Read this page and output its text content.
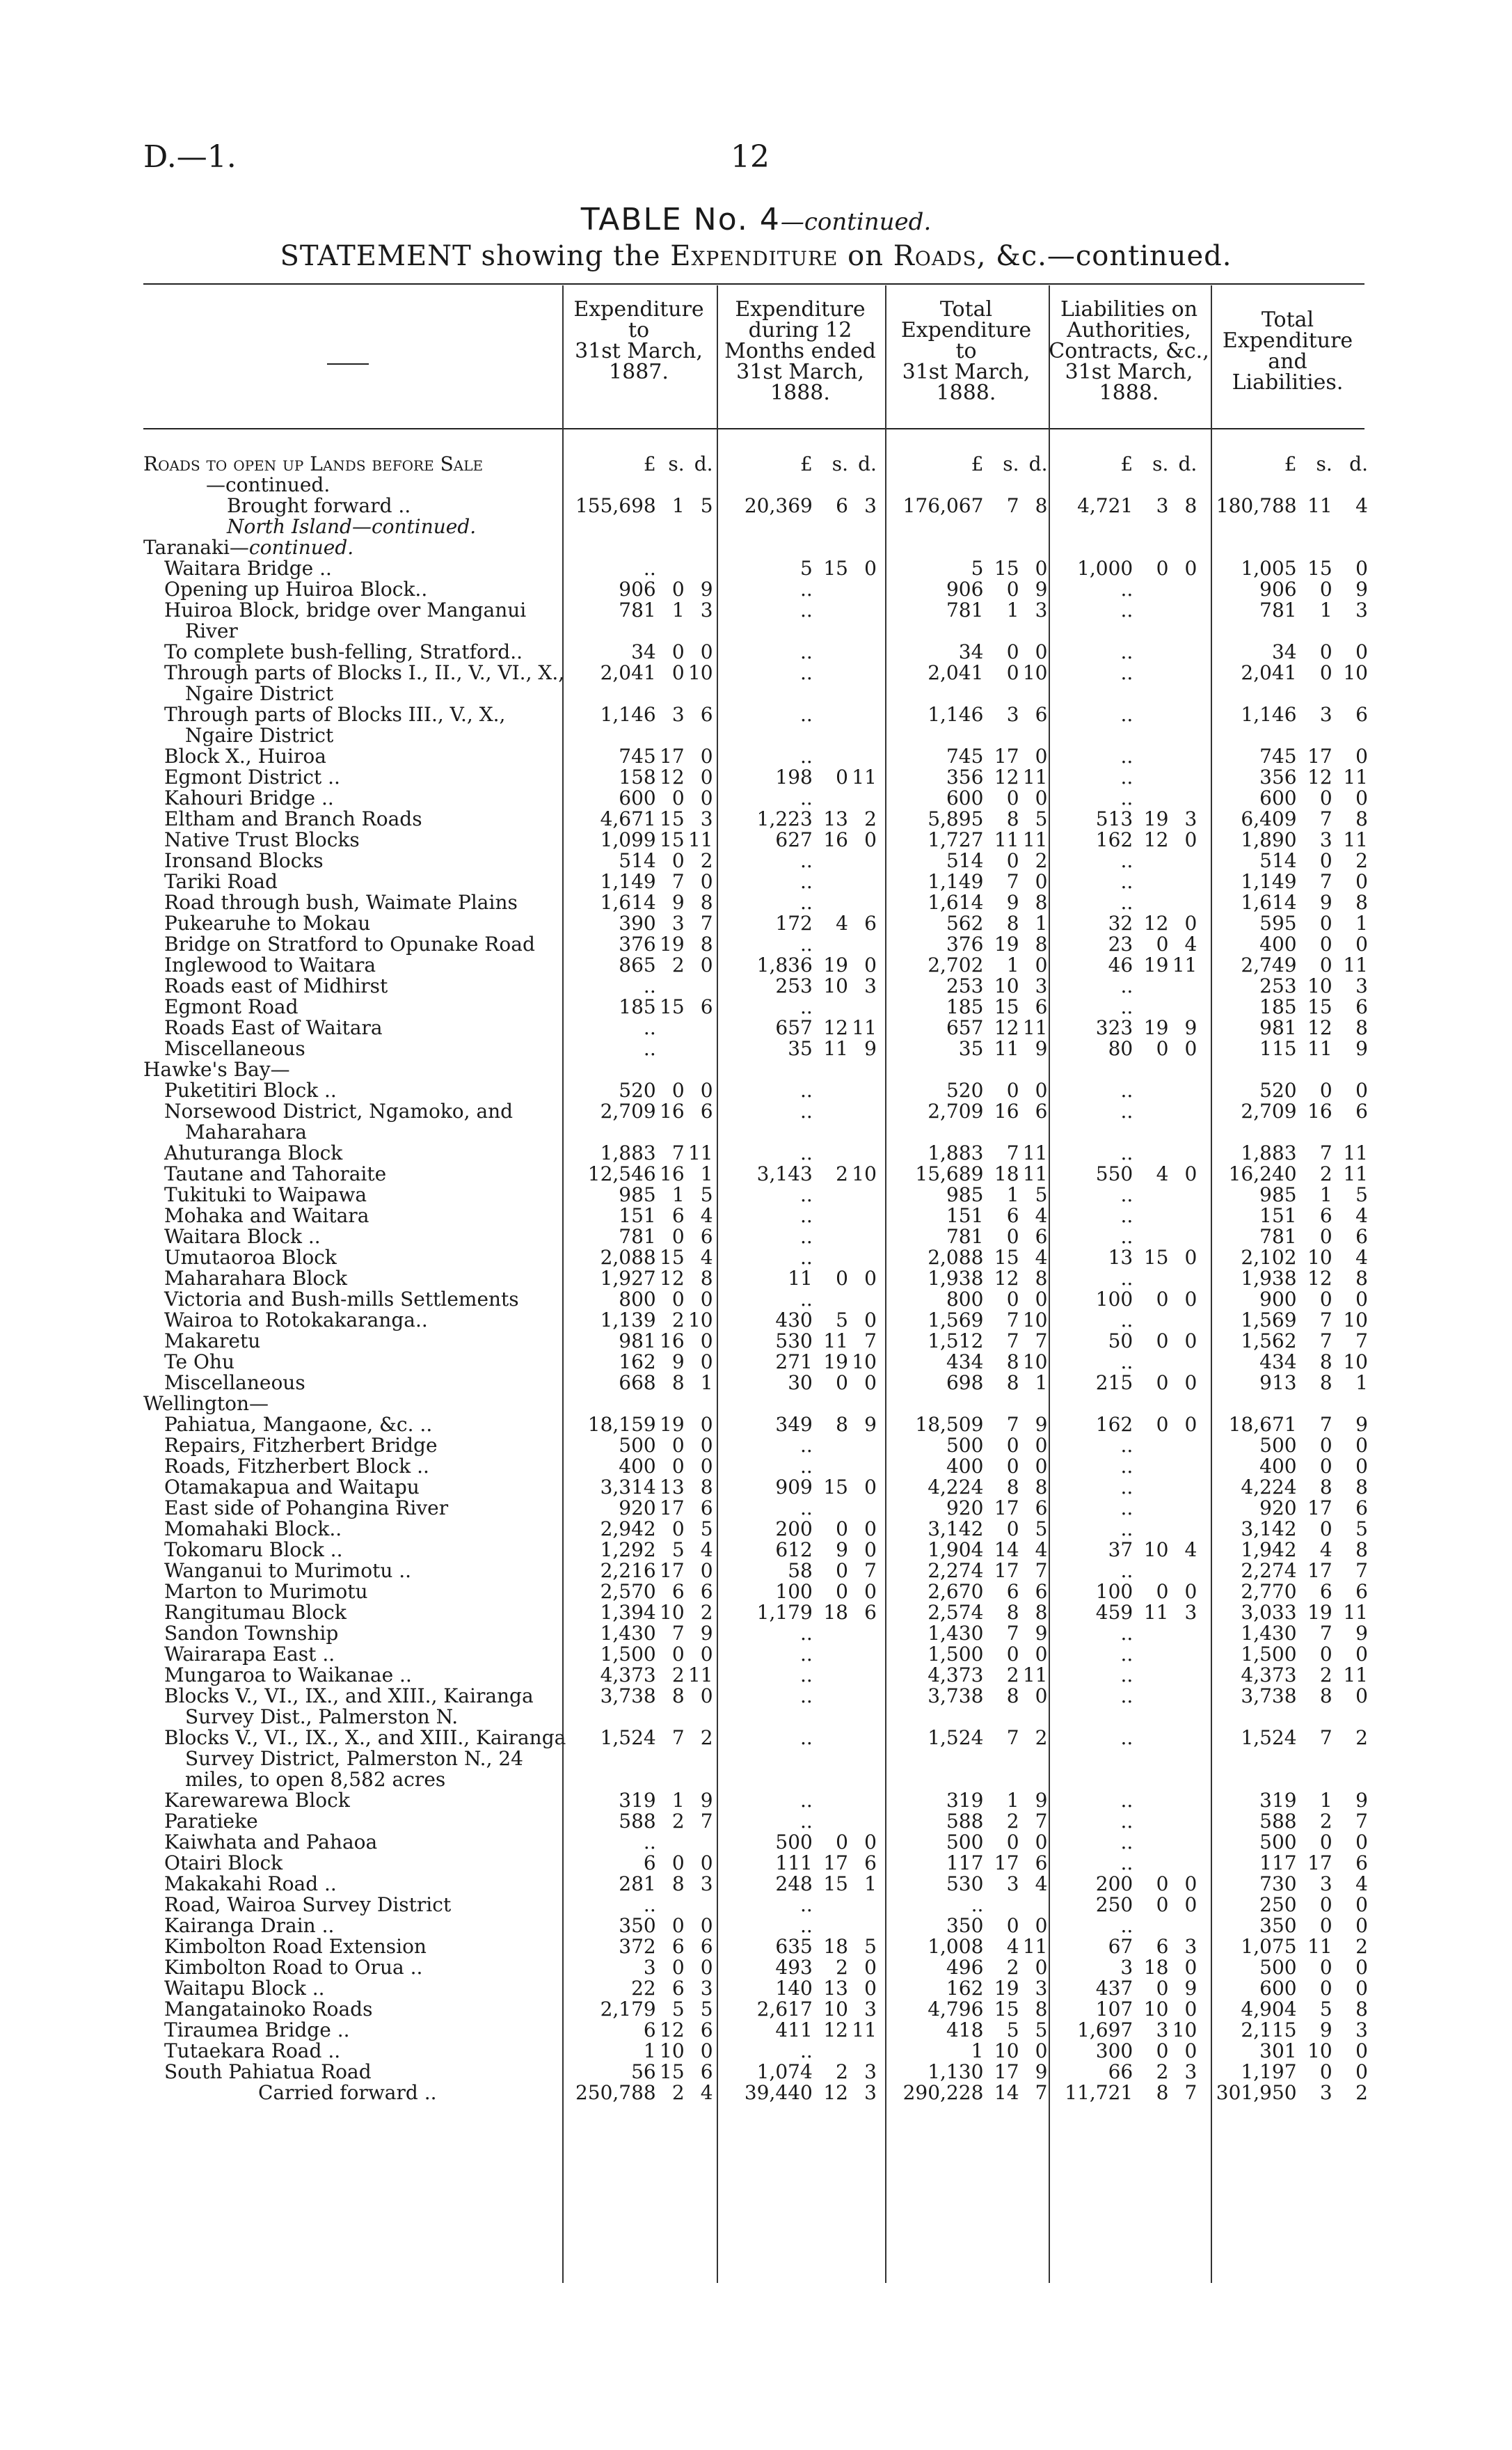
D.—1.	12
TABLE No. 4—continued.
STATEMENT showing the Expenditure on Roads, &c.—continued.
Expenditure
to
31st March,
1887.
Expenditure
during 12
Months ended
31st March,
1888.
Total
Expenditure
to
31st March,
1888.
Liabilities on
Authorities,
Contracts, &c.,
31st March,
1888.
Total
Expenditure
and
Liabilities.
Roads to open up Lands before Sale	£	s.	d.	£	s.	d.	£	s.	d.	£	s.	d.	£	s.	d.
—continued.															
Brought forward ..	155,698	1	5	20,369	6	3	176,067	7	8	4,721	3	8	180,788	11	4
North Island—continued.															
Taranaki—continued.															
Waitara Bridge ..	..			5	15	0	5	15	0	1,000	0	0	1,005	15	0
Opening up Huiroa Block..	906	0	9	..			906	0	9	..			906	0	9
Huiroa Block, bridge over Manganui River	781	1	3	..			781	1	3	..			781	1	3
To complete bush-felling, Stratford..	34	0	0	..			34	0	0	..			34	0	0
Through parts of Blocks I., II., V., VI., X., Ngaire District	2,041	0	10	..			2,041	0	10	..			2,041	0	10
Through parts of Blocks III., V., X., Ngaire District	1,146	3	6	..			1,146	3	6	..			1,146	3	6
Block X., Huiroa	745	17	0	..			745	17	0	..			745	17	0
Egmont District ..	158	12	0	198	0	11	356	12	11	..			356	12	11
Kahouri Bridge ..	600	0	0	..			600	0	0	..			600	0	0
Eltham and Branch Roads	4,671	15	3	1,223	13	2	5,895	8	5	513	19	3	6,409	7	8
Native Trust Blocks	1,099	15	11	627	16	0	1,727	11	11	162	12	0	1,890	3	11
Ironsand Blocks	514	0	2	..			514	0	2	..			514	0	2
Tariki Road	1,149	7	0	..			1,149	7	0	..			1,149	7	0
Road through bush, Waimate Plains	1,614	9	8	..			1,614	9	8	..			1,614	9	8
Pukearuhe to Mokau	390	3	7	172	4	6	562	8	1	32	12	0	595	0	1
Bridge on Stratford to Opunake Road	376	19	8	..			376	19	8	23	0	4	400	0	0
Inglewood to Waitara	865	2	0	1,836	19	0	2,702	1	0	46	19	11	2,749	0	11
Roads east of Midhirst	..			253	10	3	253	10	3	..			253	10	3
Egmont Road	185	15	6	..			185	15	6	..			185	15	6
Roads East of Waitara	..			657	12	11	657	12	11	323	19	9	981	12	8
Miscellaneous	..			35	11	9	35	11	9	80	0	0	115	11	9
Hawke's Bay—															
Puketitiri Block ..	520	0	0	..			520	0	0	..			520	0	0
Norsewood District, Ngamoko, and Maharahara	2,709	16	6	..			2,709	16	6	..			2,709	16	6
Ahuturanga Block	1,883	7	11	..			1,883	7	11	..			1,883	7	11
Tautane and Tahoraite	12,546	16	1	3,143	2	10	15,689	18	11	550	4	0	16,240	2	11
Tukituki to Waipawa	985	1	5	..			985	1	5	..			985	1	5
Mohaka and Waitara	151	6	4	..			151	6	4	..			151	6	4
Waitara Block ..	781	0	6	..			781	0	6	..			781	0	6
Umutaoroa Block	2,088	15	4	..			2,088	15	4	13	15	0	2,102	10	4
Maharahara Block	1,927	12	8	11	0	0	1,938	12	8	..			1,938	12	8
Victoria and Bush-mills Settlements	800	0	0	..			800	0	0	100	0	0	900	0	0
Wairoa to Rotokakaranga..	1,139	2	10	430	5	0	1,569	7	10	..			1,569	7	10
Makaretu	981	16	0	530	11	7	1,512	7	7	50	0	0	1,562	7	7
Te Ohu	162	9	0	271	19	10	434	8	10	..			434	8	10
Miscellaneous	668	8	1	30	0	0	698	8	1	215	0	0	913	8	1
Wellington—															
Pahiatua, Mangaone, &c. ..	18,159	19	0	349	8	9	18,509	7	9	162	0	0	18,671	7	9
Repairs, Fitzherbert Bridge	500	0	0	..			500	0	0	..			500	0	0
Roads, Fitzherbert Block ..	400	0	0	..			400	0	0	..			400	0	0
Otamakapua and Waitapu	3,314	13	8	909	15	0	4,224	8	8	..			4,224	8	8
East side of Pohangina River	920	17	6	..			920	17	6	..			920	17	6
Momahaki Block..	2,942	0	5	200	0	0	3,142	0	5	..			3,142	0	5
Tokomaru Block ..	1,292	5	4	612	9	0	1,904	14	4	37	10	4	1,942	4	8
Wanganui to Murimotu ..	2,216	17	0	58	0	7	2,274	17	7	..			2,274	17	7
Marton to Murimotu	2,570	6	6	100	0	0	2,670	6	6	100	0	0	2,770	6	6
Rangitumau Block	1,394	10	2	1,179	18	6	2,574	8	8	459	11	3	3,033	19	11
Sandon Township	1,430	7	9	..			1,430	7	9	..			1,430	7	9
Wairarapa East ..	1,500	0	0	..			1,500	0	0	..			1,500	0	0
Mungaroa to Waikanae ..	4,373	2	11	..			4,373	2	11	..			4,373	2	11
Blocks V., VI., IX., and XIII., Kairanga Survey Dist., Palmerston N.	3,738	8	0	..			3,738	8	0	..			3,738	8	0
Blocks V., VI., IX., X., and XIII., Kairanga Survey District, Palmerston N., 24 miles, to open 8,582 acres	1,524	7	2	..			1,524	7	2	..			1,524	7	2
Karewarewa Block	319	1	9	..			319	1	9	..			319	1	9
Paratieke	588	2	7	..			588	2	7	..			588	2	7
Kaiwhata and Pahaoa	..			500	0	0	500	0	0	..			500	0	0
Otairi Block	6	0	0	111	17	6	117	17	6	..			117	17	6
Makakahi Road ..	281	8	3	248	15	1	530	3	4	200	0	0	730	3	4
Road, Wairoa Survey District	..			..			..			250	0	0	250	0	0
Kairanga Drain ..	350	0	0	..			350	0	0	..			350	0	0
Kimbolton Road Extension	372	6	6	635	18	5	1,008	4	11	67	6	3	1,075	11	2
Kimbolton Road to Orua ..	3	0	0	493	2	0	496	2	0	3	18	0	500	0	0
Waitapu Block ..	22	6	3	140	13	0	162	19	3	437	0	9	600	0	0
Mangatainoko Roads	2,179	5	5	2,617	10	3	4,796	15	8	107	10	0	4,904	5	8
Tiraumea Bridge ..	6	12	6	411	12	11	418	5	5	1,697	3	10	2,115	9	3
Tutaekara Road ..	1	10	0	..			1	10	0	300	0	0	301	10	0
South Pahiatua Road	56	15	6	1,074	2	3	1,130	17	9	66	2	3	1,197	0	0
Carried forward ..	250,788	2	4	39,440	12	3	290,228	14	7	11,721	8	7	301,950	3	2
